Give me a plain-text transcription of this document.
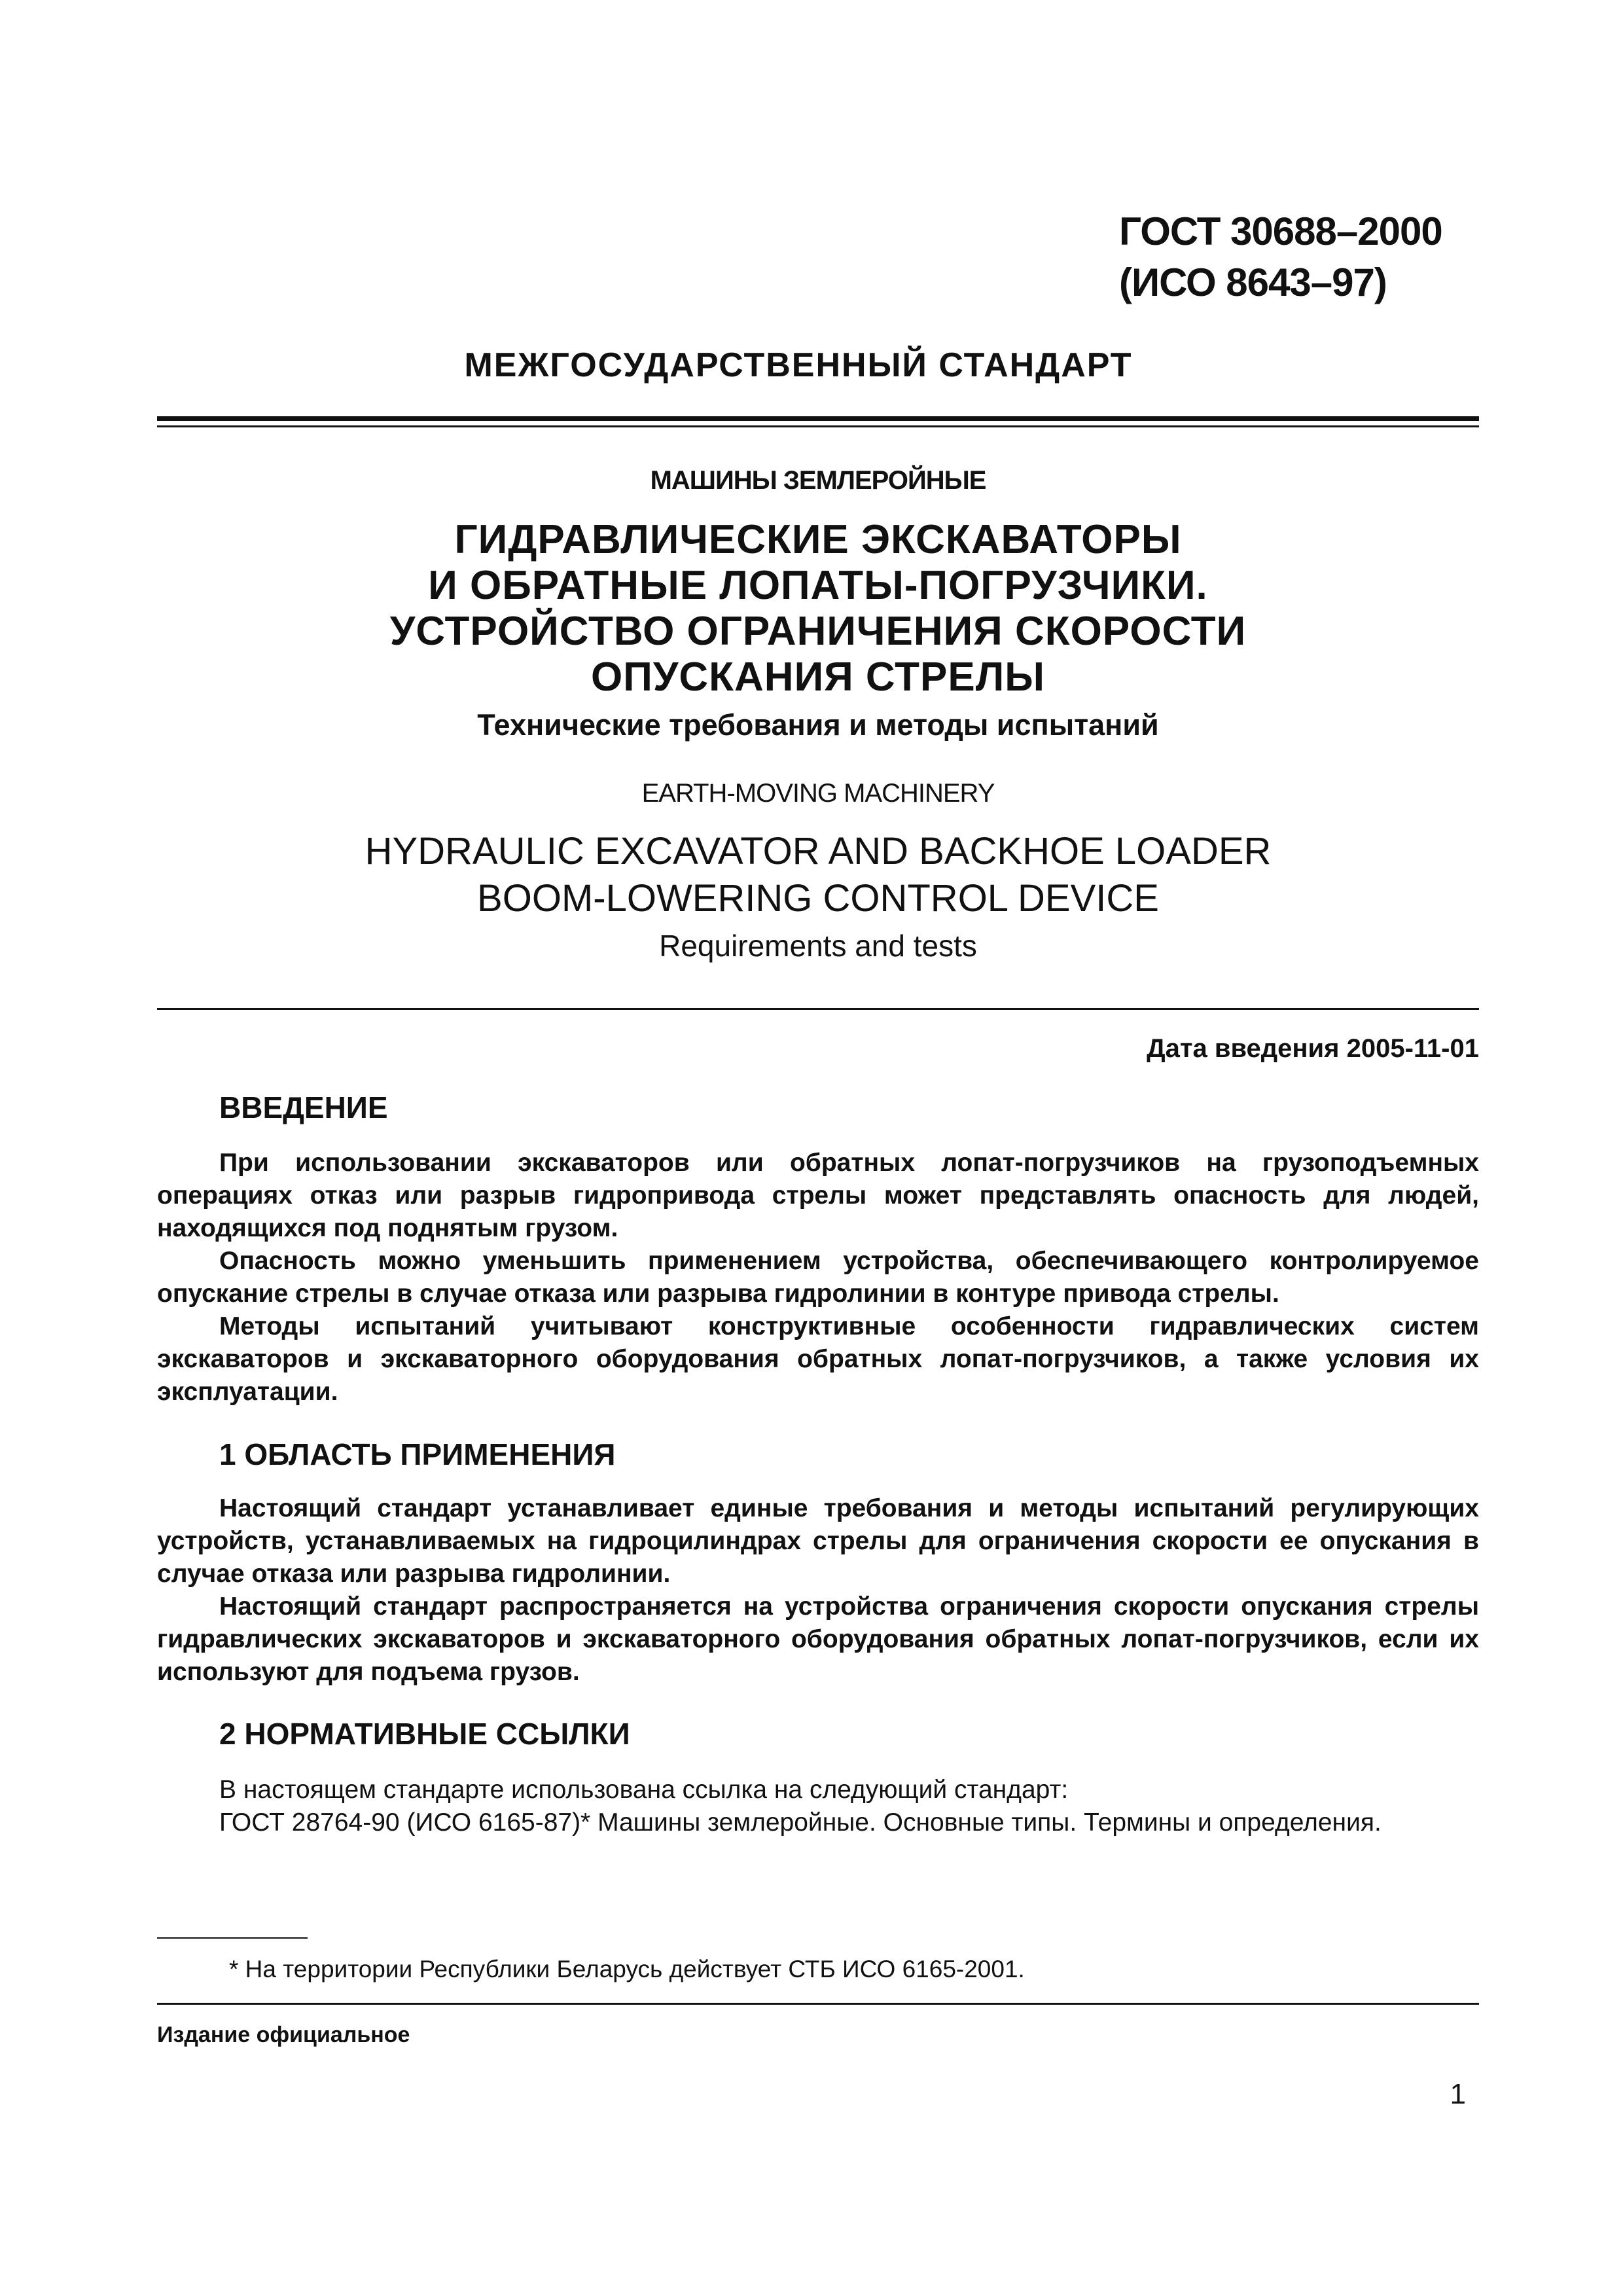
ГОСТ 30688–2000
(ИСО 8643–97)
МЕЖГОСУДАРСТВЕННЫЙ СТАНДАРТ
МАШИНЫ ЗЕМЛЕРОЙНЫЕ
ГИДРАВЛИЧЕСКИЕ ЭКСКАВАТОРЫ
И ОБРАТНЫЕ ЛОПАТЫ-ПОГРУЗЧИКИ.
УСТРОЙСТВО ОГРАНИЧЕНИЯ СКОРОСТИ
ОПУСКАНИЯ СТРЕЛЫ
Технические требования и методы испытаний
EARTH-MOVING MACHINERY
HYDRAULIC EXCAVATOR AND BACKHOE LOADER
BOOM-LOWERING CONTROL DEVICE
Requirements and tests
Дата введения 2005-11-01
ВВЕДЕНИЕ
При использовании экскаваторов или обратных лопат-погрузчиков на грузоподъемных операциях отказ или разрыв гидропривода стрелы может представлять опасность для людей, находящихся под поднятым грузом.
Опасность можно уменьшить применением устройства, обеспечивающего контролируемое опускание стрелы в случае отказа или разрыва гидролинии в контуре привода стрелы.
Методы испытаний учитывают конструктивные особенности гидравлических систем экскаваторов и экскаваторного оборудования обратных лопат-погрузчиков, а также условия их эксплуатации.
1 ОБЛАСТЬ ПРИМЕНЕНИЯ
Настоящий стандарт устанавливает единые требования и методы испытаний регулирующих устройств, устанавливаемых на гидроцилиндрах стрелы для ограничения скорости ее опускания в случае отказа или разрыва гидролинии.
Настоящий стандарт распространяется на устройства ограничения скорости опускания стрелы гидравлических экскаваторов и экскаваторного оборудования обратных лопат-погрузчиков, если их используют для подъема грузов.
2 НОРМАТИВНЫЕ ССЫЛКИ
В настоящем стандарте использована ссылка на следующий стандарт:
ГОСТ 28764-90 (ИСО 6165-87)* Машины землеройные. Основные типы. Термины и определения.
* На территории Республики Беларусь действует СТБ ИСО 6165-2001.
Издание официальное
1
